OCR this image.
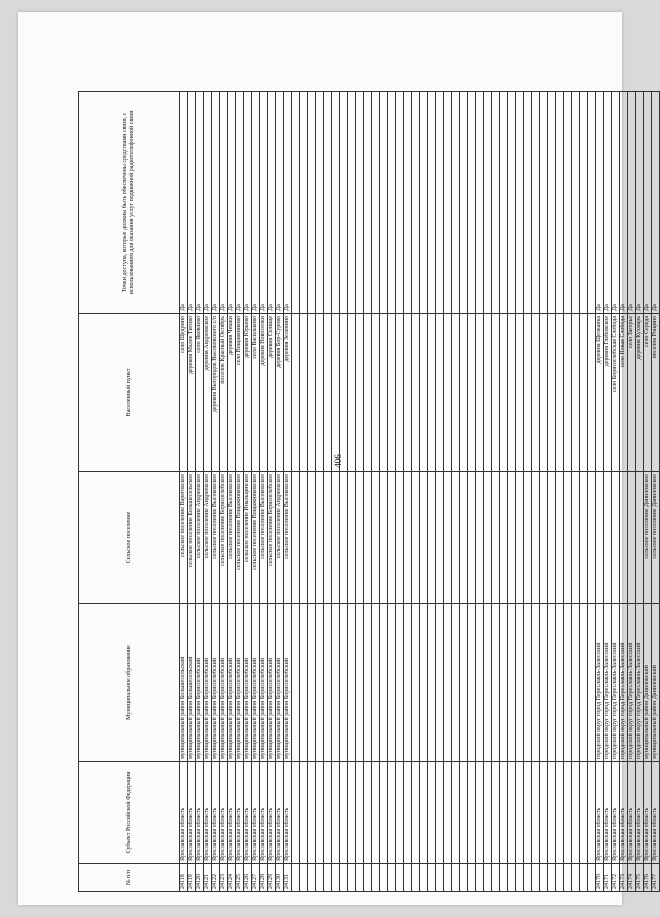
406
№ п/п	Субъект Российской Федерации	Муниципальное образование	Сельское поселение	Населенный пункт	Точки доступа, которые должны быть обеспечены средствами связи, с использованием для оказания услуг подвижной радиотелефонной связи
24118	Ярославская область	муниципальный район Большесельский	сельское поселение Вареговское	село Щедрино	Да
24119	Ярославская область	муниципальный район Большесельский	сельское поселение Большесельское	деревня Малое Титово	Да
24120	Ярославская область	муниципальный район Борисоглебский	сельское поселение Андреевское	село Яковлево	Да
24121	Ярославская область	муниципальный район Борисоглебский	сельское поселение Андреевское	деревня Андреевское	Да
24122	Ярославская область	муниципальный район Борисоглебский	сельское поселение Высоковское	деревня Выгородок Высоковского с/п	Да
24123	Ярославская область	муниципальный район Борисоглебский	сельское поселение Борисоглебское	поселок Красный Октябрь	Да
24124	Ярославская область	муниципальный район Борисоглебский	сельское поселение Высоковское	деревня Чешки	Да
24125	Ярославская область	муниципальный район Борисоглебский	сельское поселение Вощажниковское	село Вощажниково	Да
24126	Ярославская область	муниципальный район Борисоглебский	сельское поселение Инальцинское	деревня Юрьево	Да
24127	Ярославская область	муниципальный район Борисоглебский	сельское поселение Вощажниковское	село Васильково	Да
24128	Ярославская область	муниципальный район Борисоглебский	сельское поселение Высоковское	деревня Новоселки	Да
24129	Ярославская область	муниципальный район Борисоглебский	сельское поселение Борисоглебское	деревня Селище	Да
24130	Ярославская область	муниципальный район Борисоглебский	сельское поселение Андреевское	деревня Бор-Сурово	Да
24131	Ярославская область	муниципальный район Борисоглебский	сельское поселение Высоковское	деревня Зеленино	Да

24170	Ярославская область	городской округ город Переславль-Залесский		деревня Щелканка	Да
24171	Ярославская область	городской округ город Переславль-Залесский		деревня Глебовское	Да
24172	Ярославская область	городской округ город Переславль-Залесский		село Борисоглебская Слобода	Да
24173	Ярославская область	городской округ город Переславль-Залесский		село Новая Слобода	Да
24174	Ярославская область	городской округ город Переславль-Залесский		село Загорье	Да
24175	Ярославская область	городской округ город Переславль-Залесский		деревня Кухмарь	Да
24176	Ярославская область	муниципальный район Даниловский	сельское поселение Даниловское	село Середа	Да
24177	Ярославская область	муниципальный район Даниловский	сельское поселение Даниловское	поселок Рощино	Да
